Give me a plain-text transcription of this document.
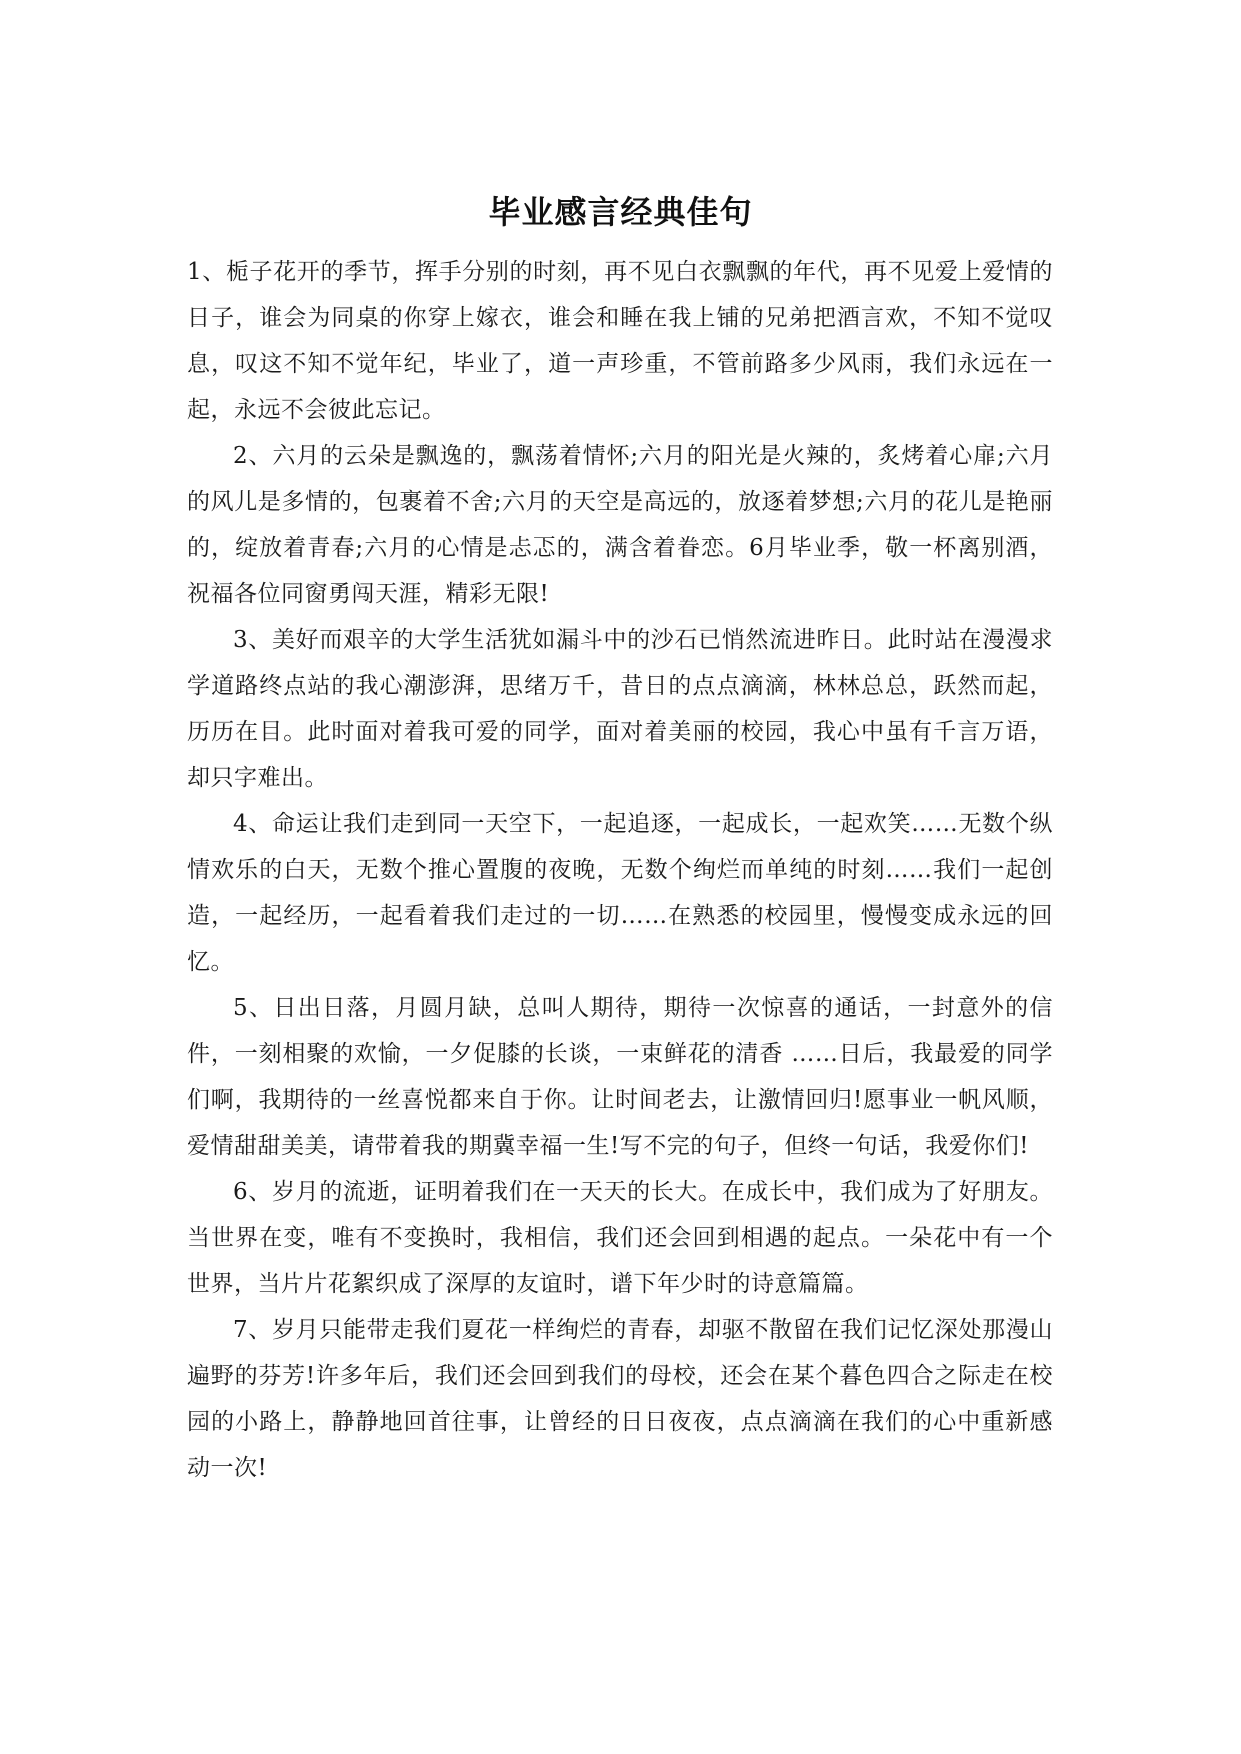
毕业感言经典佳句

1、栀子花开的季节，挥手分别的时刻，再不见白衣飘飘的年代，再不见爱上爱情的日子，谁会为同桌的你穿上嫁衣，谁会和睡在我上铺的兄弟把酒言欢，不知不觉叹息，叹这不知不觉年纪，毕业了，道一声珍重，不管前路多少风雨，我们永远在一起，永远不会彼此忘记。

2、六月的云朵是飘逸的，飘荡着情怀;六月的阳光是火辣的，炙烤着心扉;六月的风儿是多情的，包裹着不舍;六月的天空是高远的，放逐着梦想;六月的花儿是艳丽的，绽放着青春;六月的心情是忐忑的，满含着眷恋。6月毕业季，敬一杯离别酒，祝福各位同窗勇闯天涯，精彩无限!

3、美好而艰辛的大学生活犹如漏斗中的沙石已悄然流进昨日。此时站在漫漫求学道路终点站的我心潮澎湃，思绪万千，昔日的点点滴滴，林林总总，跃然而起，历历在目。此时面对着我可爱的同学，面对着美丽的校园，我心中虽有千言万语，却只字难出。

4、命运让我们走到同一天空下，一起追逐，一起成长，一起欢笑……无数个纵情欢乐的白天，无数个推心置腹的夜晚，无数个绚烂而单纯的时刻……我们一起创造，一起经历，一起看着我们走过的一切……在熟悉的校园里，慢慢变成永远的回忆。

5、日出日落，月圆月缺，总叫人期待，期待一次惊喜的通话，一封意外的信件，一刻相聚的欢愉，一夕促膝的长谈，一束鲜花的清香 ……日后，我最爱的同学们啊，我期待的一丝喜悦都来自于你。让时间老去，让激情回归!愿事业一帆风顺，爱情甜甜美美，请带着我的期冀幸福一生!写不完的句子，但终一句话，我爱你们!

6、岁月的流逝，证明着我们在一天天的长大。在成长中，我们成为了好朋友。当世界在变，唯有不变换时，我相信，我们还会回到相遇的起点。一朵花中有一个世界，当片片花絮织成了深厚的友谊时，谱下年少时的诗意篇篇。

7、岁月只能带走我们夏花一样绚烂的青春，却驱不散留在我们记忆深处那漫山遍野的芬芳!许多年后，我们还会回到我们的母校，还会在某个暮色四合之际走在校园的小路上，静静地回首往事，让曾经的日日夜夜，点点滴滴在我们的心中重新感动一次!
